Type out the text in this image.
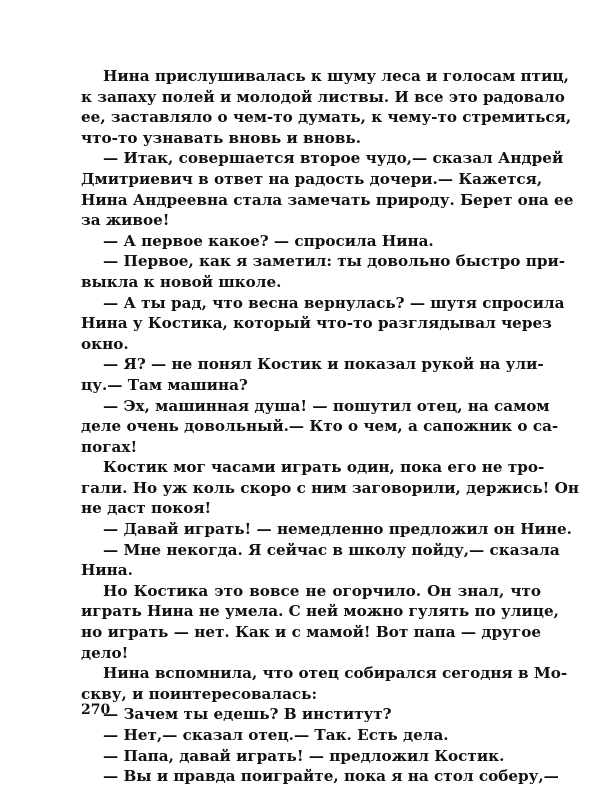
Нина прислушивалась к шуму леса и голосам птиц,
к запаху полей и молодой листвы. И все это радовало
ее, заставляло о чем-то думать, к чему-то стремиться,
что-то узнавать вновь и вновь.
— Итак, совершается второе чудо,— сказал Андрей
Дмитриевич в ответ на радость дочери.— Кажется,
Нина Андреевна стала замечать природу. Берет она ее
за живое!
— А первое какое? — спросила Нина.
— Первое, как я заметил: ты довольно быстро при-
выкла к новой школе.
— А ты рад, что весна вернулась? — шутя спросила
Нина у Костика, который что-то разглядывал через
окно.
— Я? — не понял Костик и показал рукой на ули-
цу.— Там машина?
— Эх, машинная душа! — пошутил отец, на самом
деле очень довольный.— Кто о чем, а сапожник о са-
погах!
Костик мог часами играть один, пока его не тро-
гали. Но уж коль скоро с ним заговорили, держись! Он
не даст покоя!
— Давай играть! — немедленно предложил он Нине.
— Мне некогда. Я сейчас в школу пойду,— сказала
Нина.
Но Костика это вовсе не огорчило. Он знал, что
играть Нина не умела. С ней можно гулять по улице,
но играть — нет. Как и с мамой! Вот папа — другое
дело!
Нина вспомнила, что отец собирался сегодня в Мо-
скву, и поинтересовалась:
— Зачем ты едешь? В институт?
— Нет,— сказал отец.— Так. Есть дела.
— Папа, давай играть! — предложил Костик.
— Вы и правда поиграйте, пока я на стол соберу,—
270
